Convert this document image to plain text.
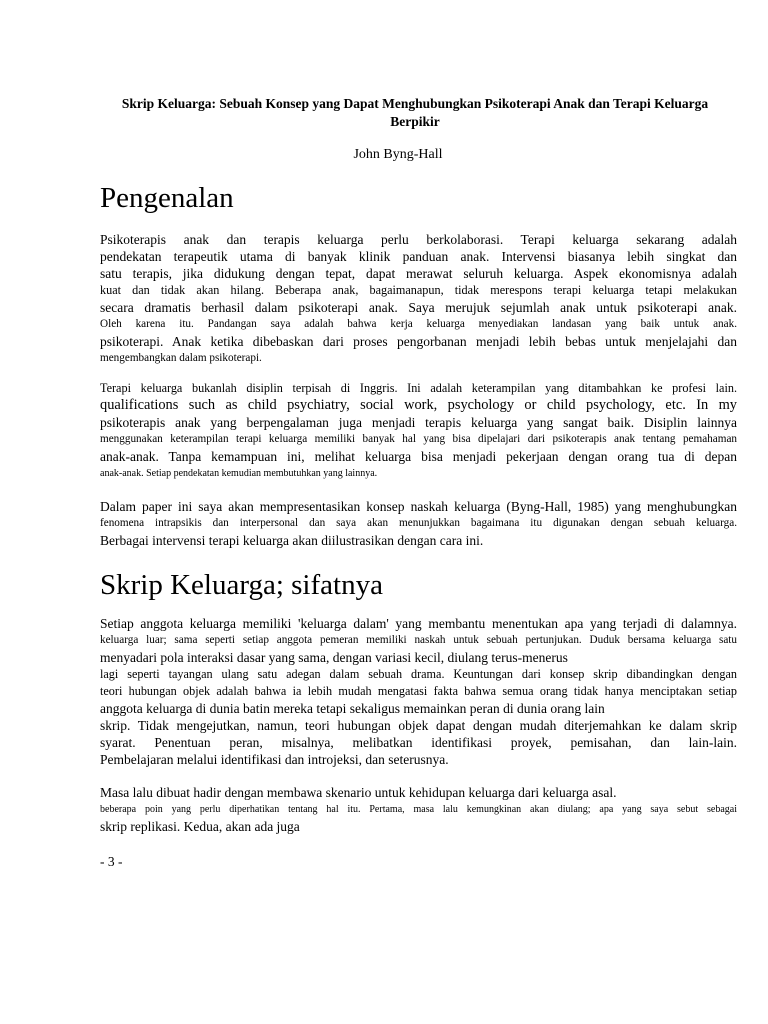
Skrip Keluarga: Sebuah Konsep yang Dapat Menghubungkan Psikoterapi Anak dan Terapi Keluarga Berpikir
John Byng-Hall
Pengenalan
Psikoterapis anak dan terapis keluarga perlu berkolaborasi. Terapi keluarga sekarang adalah
pendekatan terapeutik utama di banyak klinik panduan anak. Intervensi biasanya lebih singkat dan
satu terapis, jika didukung dengan tepat, dapat merawat seluruh keluarga. Aspek ekonomisnya adalah
kuat dan tidak akan hilang. Beberapa anak, bagaimanapun, tidak merespons terapi keluarga tetapi melakukan
secara dramatis berhasil dalam psikoterapi anak. Saya merujuk sejumlah anak untuk psikoterapi anak.
Oleh karena itu. Pandangan saya adalah bahwa kerja keluarga menyediakan landasan yang baik untuk anak.
psikoterapi. Anak ketika dibebaskan dari proses pengorbanan menjadi lebih bebas untuk menjelajahi dan
mengembangkan dalam psikoterapi.
Terapi keluarga bukanlah disiplin terpisah di Inggris. Ini adalah keterampilan yang ditambahkan ke profesi lain.
qualifications such as child psychiatry, social work, psychology or child psychology, etc. In my
psikoterapis anak yang berpengalaman juga menjadi terapis keluarga yang sangat baik. Disiplin lainnya
menggunakan keterampilan terapi keluarga memiliki banyak hal yang bisa dipelajari dari psikoterapis anak tentang pemahaman
anak-anak. Tanpa kemampuan ini, melihat keluarga bisa menjadi pekerjaan dengan orang tua di depan
anak-anak. Setiap pendekatan kemudian membutuhkan yang lainnya.
Dalam paper ini saya akan mempresentasikan konsep naskah keluarga (Byng-Hall, 1985) yang menghubungkan
fenomena intrapsikis dan interpersonal dan saya akan menunjukkan bagaimana itu digunakan dengan sebuah keluarga.
Berbagai intervensi terapi keluarga akan diilustrasikan dengan cara ini.
Skrip Keluarga; sifatnya
Setiap anggota keluarga memiliki 'keluarga dalam' yang membantu menentukan apa yang terjadi di dalamnya.
keluarga luar; sama seperti setiap anggota pemeran memiliki naskah untuk sebuah pertunjukan. Duduk bersama keluarga satu
menyadari pola interaksi dasar yang sama, dengan variasi kecil, diulang terus-menerus
lagi seperti tayangan ulang satu adegan dalam sebuah drama. Keuntungan dari konsep skrip dibandingkan dengan
teori hubungan objek adalah bahwa ia lebih mudah mengatasi fakta bahwa semua orang tidak hanya menciptakan setiap
anggota keluarga di dunia batin mereka tetapi sekaligus memainkan peran di dunia orang lain
skrip. Tidak mengejutkan, namun, teori hubungan objek dapat dengan mudah diterjemahkan ke dalam skrip
syarat. Penentuan peran, misalnya, melibatkan identifikasi proyek, pemisahan, dan lain-lain.
Pembelajaran melalui identifikasi dan introjeksi, dan seterusnya.
Masa lalu dibuat hadir dengan membawa skenario untuk kehidupan keluarga dari keluarga asal.
beberapa poin yang perlu diperhatikan tentang hal itu. Pertama, masa lalu kemungkinan akan diulang; apa yang saya sebut sebagai
skrip replikasi. Kedua, akan ada juga
- 3 -
